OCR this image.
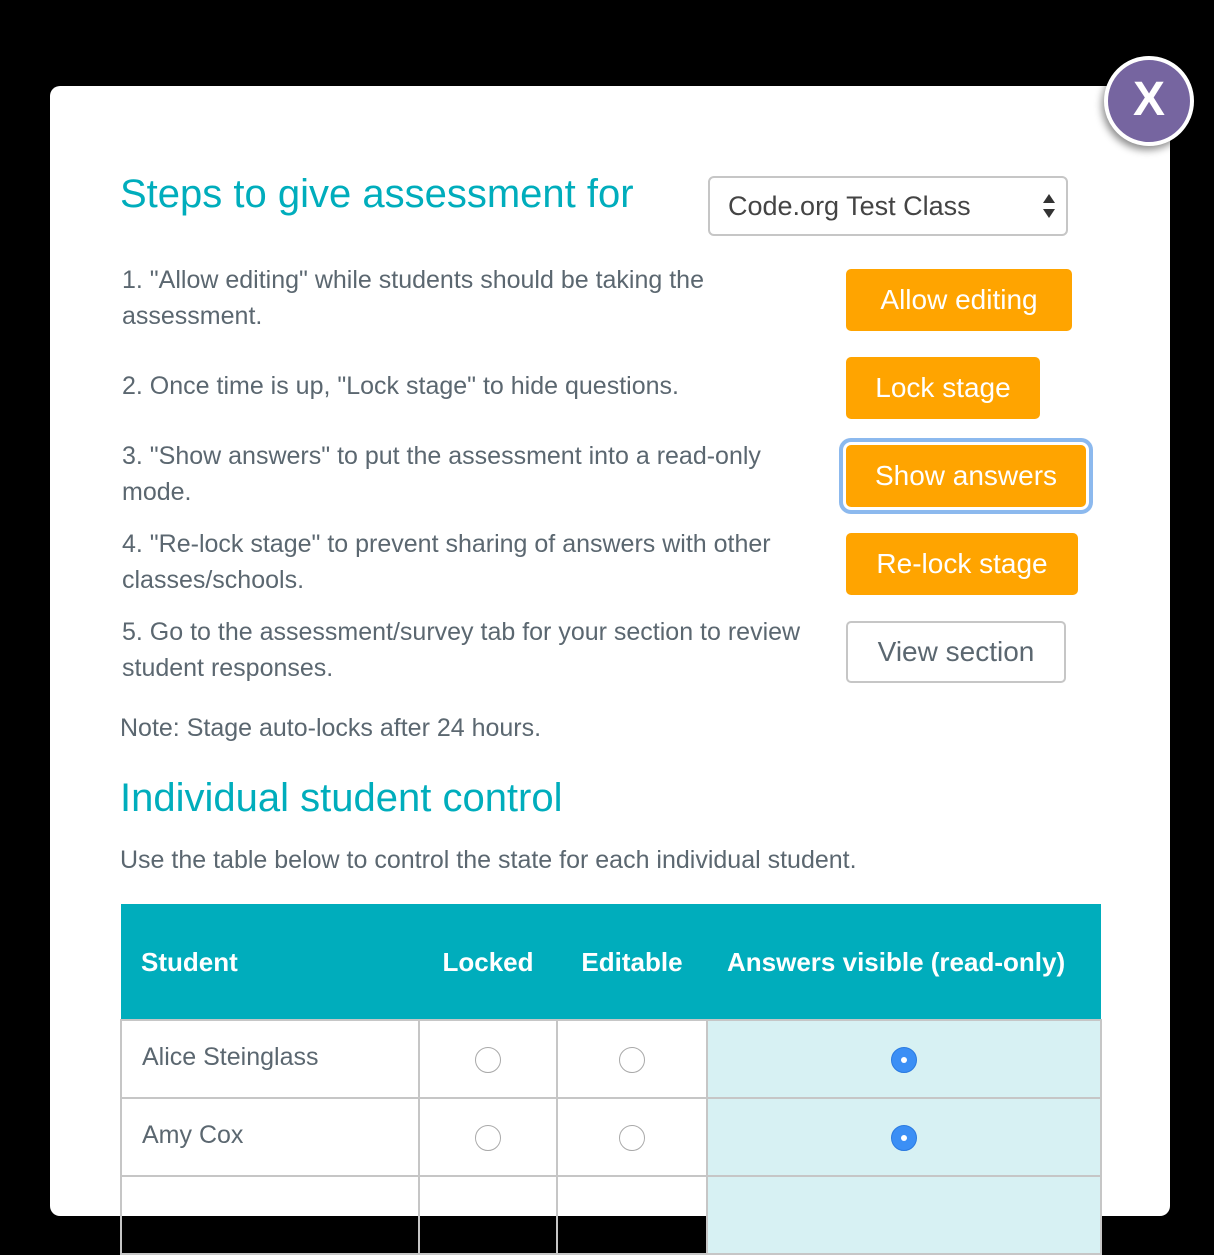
X
Steps to give assessment for	Code.org Test Class
1. "Allow editing" while students should be taking the assessment.
Allow editing
2. Once time is up, "Lock stage" to hide questions.	Lock stage
3. "Show answers" to put the assessment into a read-only mode.
Show answers
4. "Re-lock stage" to prevent sharing of answers with other classes/schools.
Re-lock stage
5. Go to the assessment/survey tab for your section to review student responses.
View section
Note: Stage auto-locks after 24 hours.
Individual student control
Use the table below to control the state for each individual student.
Student	Locked	Editable	Answers visible (read-only)
Alice Steinglass			
Amy Cox			
